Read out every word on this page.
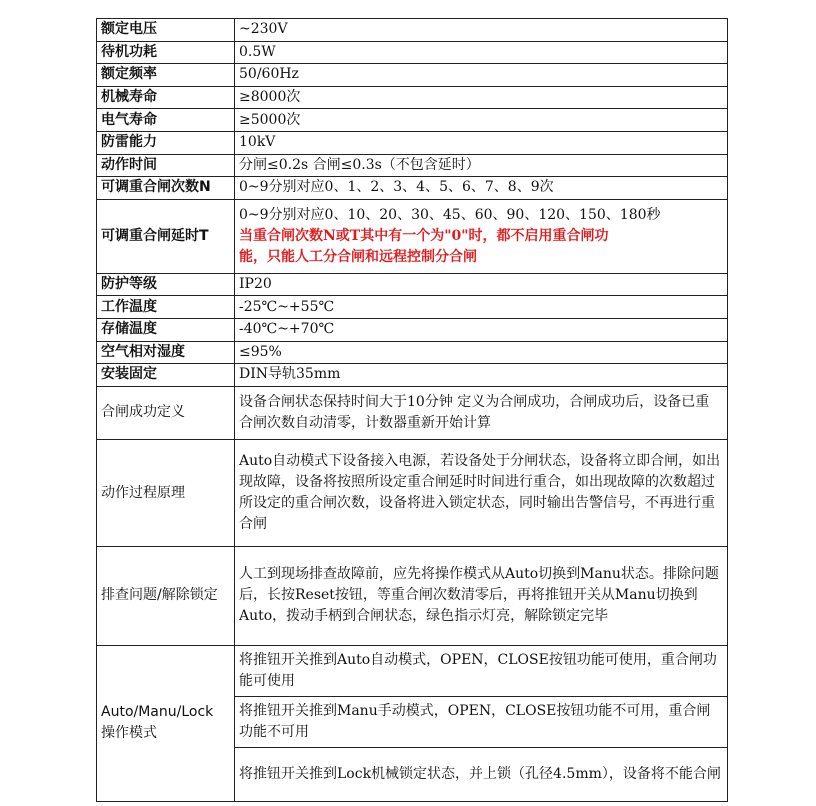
额定电压	~230V
待机功耗	0.5W
额定频率	50/60Hz
机械寿命	≥8000次
电气寿命	≥5000次
防雷能力	10kV
动作时间	分闸≤0.2s 合闸≤0.3s（不包含延时）
可调重合闸次数N	0~9分别对应0、1、2、3、4、5、6、7、8、9次
可调重合闸延时T	0~9分别对应0、10、20、30、45、60、90、120、150、180秒
当重合闸次数N或T其中有一个为"0"时，都不启用重合闸功
能，只能人工分合闸和远程控制分合闸

防护等级	IP20
工作温度	-25℃~+55℃
存储温度	-40℃~+70℃
空气相对湿度	≤95%
安装固定	DIN导轨35mm
合闸成功定义	设备合闸状态保持时间大于10分钟 定义为合闸成功，合闸成功后，设备已重合闸次数自动清零，计数器重新开始计算

动作过程原理	Auto自动模式下设备接入电源，若设备处于分闸状态，设备将立即合闸，如出现故障，设备将按照所设定重合闸延时时间进行重合，如出现故障的次数超过所设定的重合闸次数，设备将进入锁定状态，同时输出告警信号，不再进行重合闸

排查问题/解除锁定	人工到现场排查故障前，应先将操作模式从Auto切换到Manu状态。排除问题后，长按Reset按钮，等重合闸次数清零后，再将推钮开关从Manu切换到Auto，拨动手柄到合闸状态，绿色指示灯亮，解除锁定完毕

Auto/Manu/Lock
操作模式	将推钮开关推到Auto自动模式，OPEN，CLOSE按钮功能可使用，重合闸功能可使用

	将推钮开关推到Manu手动模式，OPEN，CLOSE按钮功能不可用，重合闸功能不可用

	将推钮开关推到Lock机械锁定状态，并上锁（孔径4.5mm），设备将不能合闸
